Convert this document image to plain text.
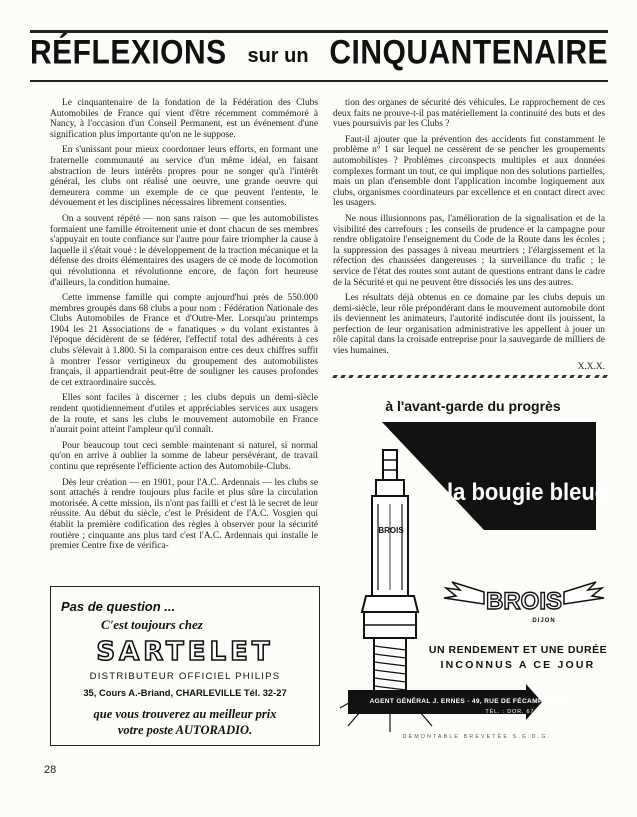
RÉFLEXIONS sur un CINQUANTENAIRE

Le cinquantenaire de la fondation de la Fédération des Clubs Automobiles de France qui vient d'être récemment commémoré à Nancy, à l'occasion d'un Conseil Permanent, est un événement d'une signification plus importante qu'on ne le suppose.

En s'unissant pour mieux coordonner leurs efforts, en formant une fraternelle communauté au service d'un même idéal, en faisant abstraction de leurs intérêts propres pour ne songer qu'à l'intérêt général, les clubs ont réalisé une oeuvre, une grande oeuvre qui demeurera comme un exemple de ce que peuvent l'entente, le dévouement et les disciplines nécessaires librement consenties.

On a souvent répété — non sans raison — que les automobilistes formaient une famille étroitement unie et dont chacun de ses membres s'appuyait en toute confiance sur l'autre pour faire triompher la cause à laquelle il s'était voué : le développement de la traction mécanique et la défense des droits élémentaires des usagers de ce mode de locomotion qui révolutionna et révolutionne encore, de façon fort heureuse d'ailleurs, la condition humaine.

Cette immense famille qui compte aujourd'hui près de 550.000 membres groupés dans 68 clubs a pour nom : Fédération Nationale des Clubs Automobiles de France et d'Outre-Mer. Lorsqu'au printemps 1904 les 21 Associations de « fanatiques » du volant existantes à l'époque décidèrent de se fédérer, l'effectif total des adhérents à ces clubs s'élevait à 1.800. Si la comparaison entre ces deux chiffres suffit à montrer l'essor vertigineux du groupement des automobilistes français, il appartiendrait peut-être de souligner les causes profondes de cet extraordinaire succès.

Elles sont faciles à discerner ; les clubs depuis un demi-siècle rendent quotidiennement d'utiles et appréciables services aux usagers de la route, et sans les clubs le mouvement automobile en France n'aurait point atteint l'ampleur qu'il connaît.

Pour beaucoup tout ceci semble maintenant si naturel, si normal qu'on en arrive à oublier la somme de labeur persévérant, de travail continu que représente l'efficiente action des Automobile-Clubs.

Dès leur création — en 1901, pour l'A.C. Ardennais — les clubs se sont attachés à rendre toujours plus facile et plus sûre la circulation motorisée. A cette mission, ils n'ont pas failli et c'est là le secret de leur réussite. Au début du siècle, c'est le Président de l'A.C. Vosgien qui établit la première codification des règles à observer pour la sécurité routière ; cinquante ans plus tard c'est l'A.C. Ardennais qui installe le premier Centre fixe de vérifica-

tion des organes de sécurité des véhicules. Le rapprochement de ces deux faits ne prouve-t-il pas matériellement la continuité des buts et des vues poursuivis par les Clubs ?

Faut-il ajouter que la prévention des accidents fut constamment le problème n° 1 sur lequel ne cessèrent de se pencher les groupements automobilistes ? Problèmes circonspects multiples et aux données complexes formant un tout, ce qui implique non des solutions partielles, mais un plan d'ensemble dont l'application incombe logiquement aux clubs, organismes coordinateurs par excellence et en contact direct avec les usagers.

Ne nous illusionnons pas, l'amélioration de la signalisation et de la visibilité des carrefours ; les conseils de prudence et la campagne pour rendre obligatoire l'enseignement du Code de la Route dans les écoles ; la suppression des passages à niveau meurtriers ; l'élargissement et la réfection des chaussées dangereuses ; la surveillance du trafic ; le service de l'état des routes sont autant de questions entrant dans le cadre de la Sécurité et qui ne peuvent être dissociés les uns des autres.

Les résultats déjà obtenus en ce domaine par les clubs depuis un demi-siècle, leur rôle prépondérant dans le mouvement automobile dont ils deviennent les animateurs, l'autorité indiscutée dont ils jouissent, la perfection de leur organisation administrative les appellent à jouer un rôle capital dans la croisade entreprise pour la sauvegarde de milliers de vies humaines.

X.X.X.

Pas de question ...
C'est toujours chez
SARTELET
DISTRIBUTEUR OFFICIEL PHILIPS
35, Cours A.-Briand, CHARLEVILLE Tél. 32-27
que vous trouverez au meilleur prix
votre poste AUTORADIO.
à l'avant-garde du progrès
la bougie bleue
BROIS
BROIS
DIJON
UN RENDEMENT ET UNE DURÉE
INCONNUS A CE JOUR
AGENT GÉNÉRAL J. ERNES - 49, RUE DE FÉCAMP - PARIS
TÉL. : DOR. 67-75
DÉMONTABLE BREVETÉE S.G.D.G.
28
